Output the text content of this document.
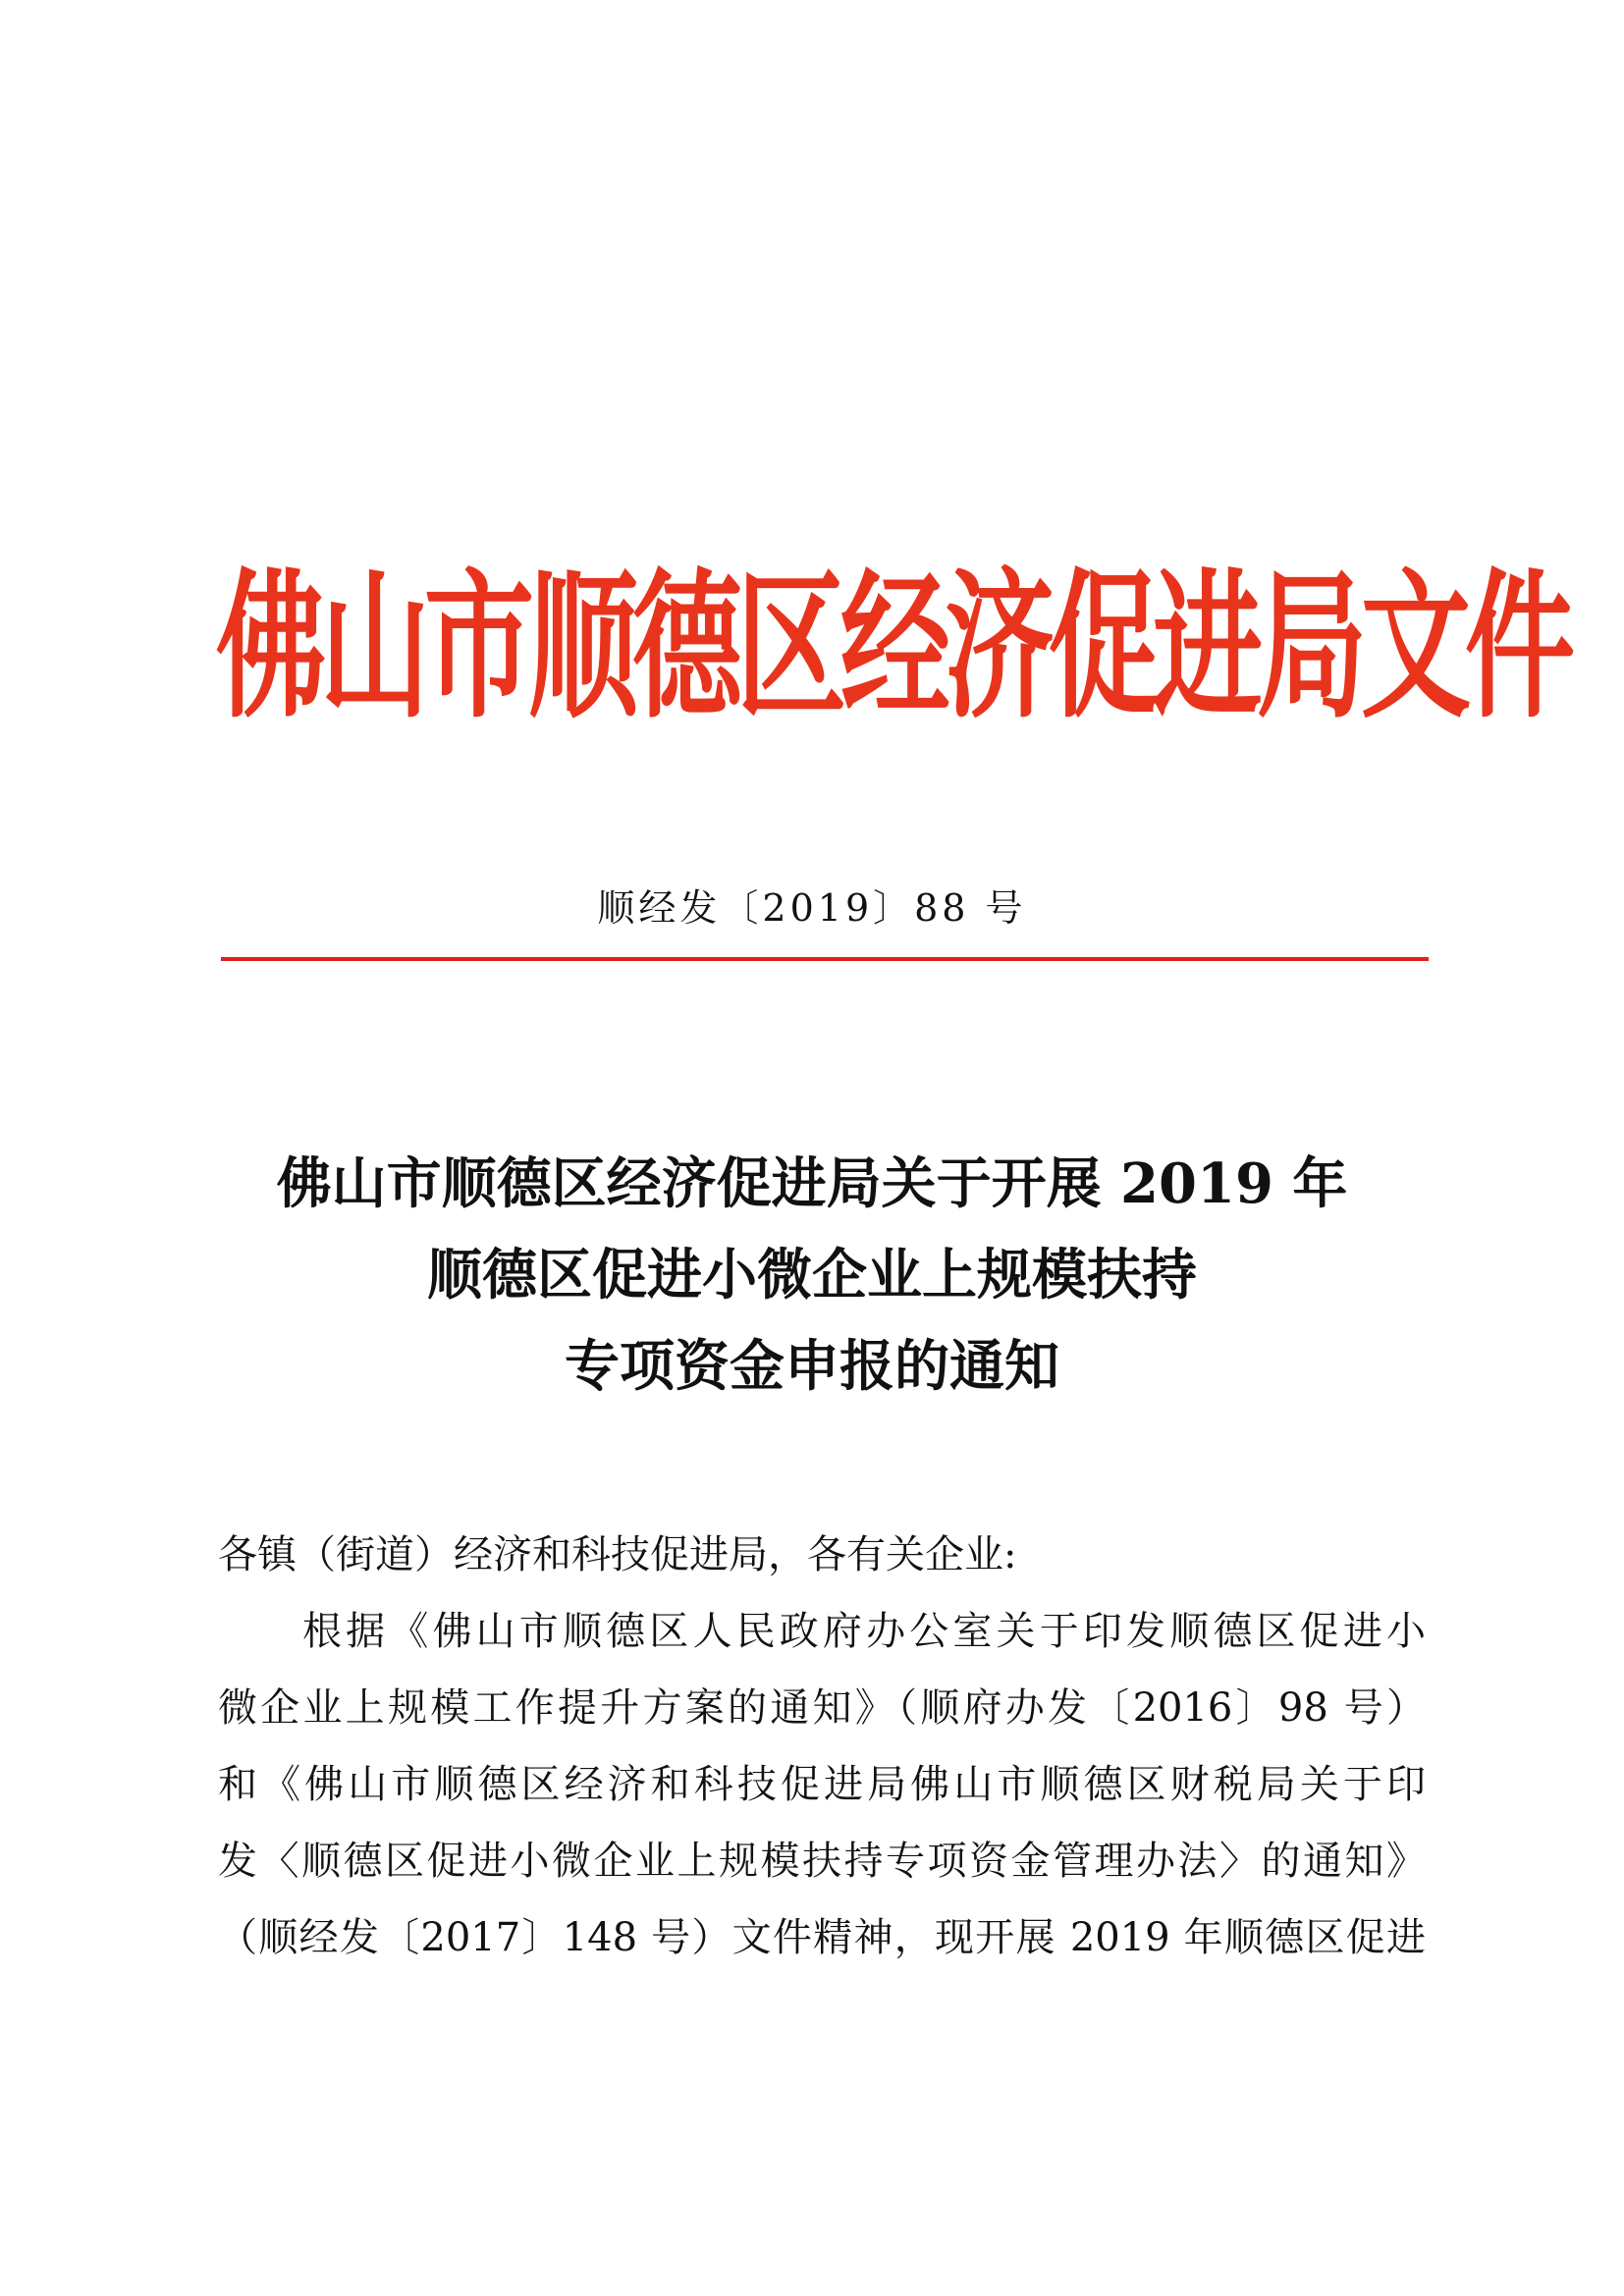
佛山市顺德区经济促进局文件
顺经发〔2019〕88 号
佛山市顺德区经济促进局关于开展 2019 年
顺德区促进小微企业上规模扶持
专项资金申报的通知
各镇（街道）经济和科技促进局，各有关企业:
根据《佛山市顺德区人民政府办公室关于印发顺德区促进小
微企业上规模工作提升方案的通知》（顺府办发〔2016〕98 号）
和《佛山市顺德区经济和科技促进局佛山市顺德区财税局关于印
发〈顺德区促进小微企业上规模扶持专项资金管理办法〉的通知》
（顺经发〔2017〕148 号）文件精神，现开展 2019 年顺德区促进
